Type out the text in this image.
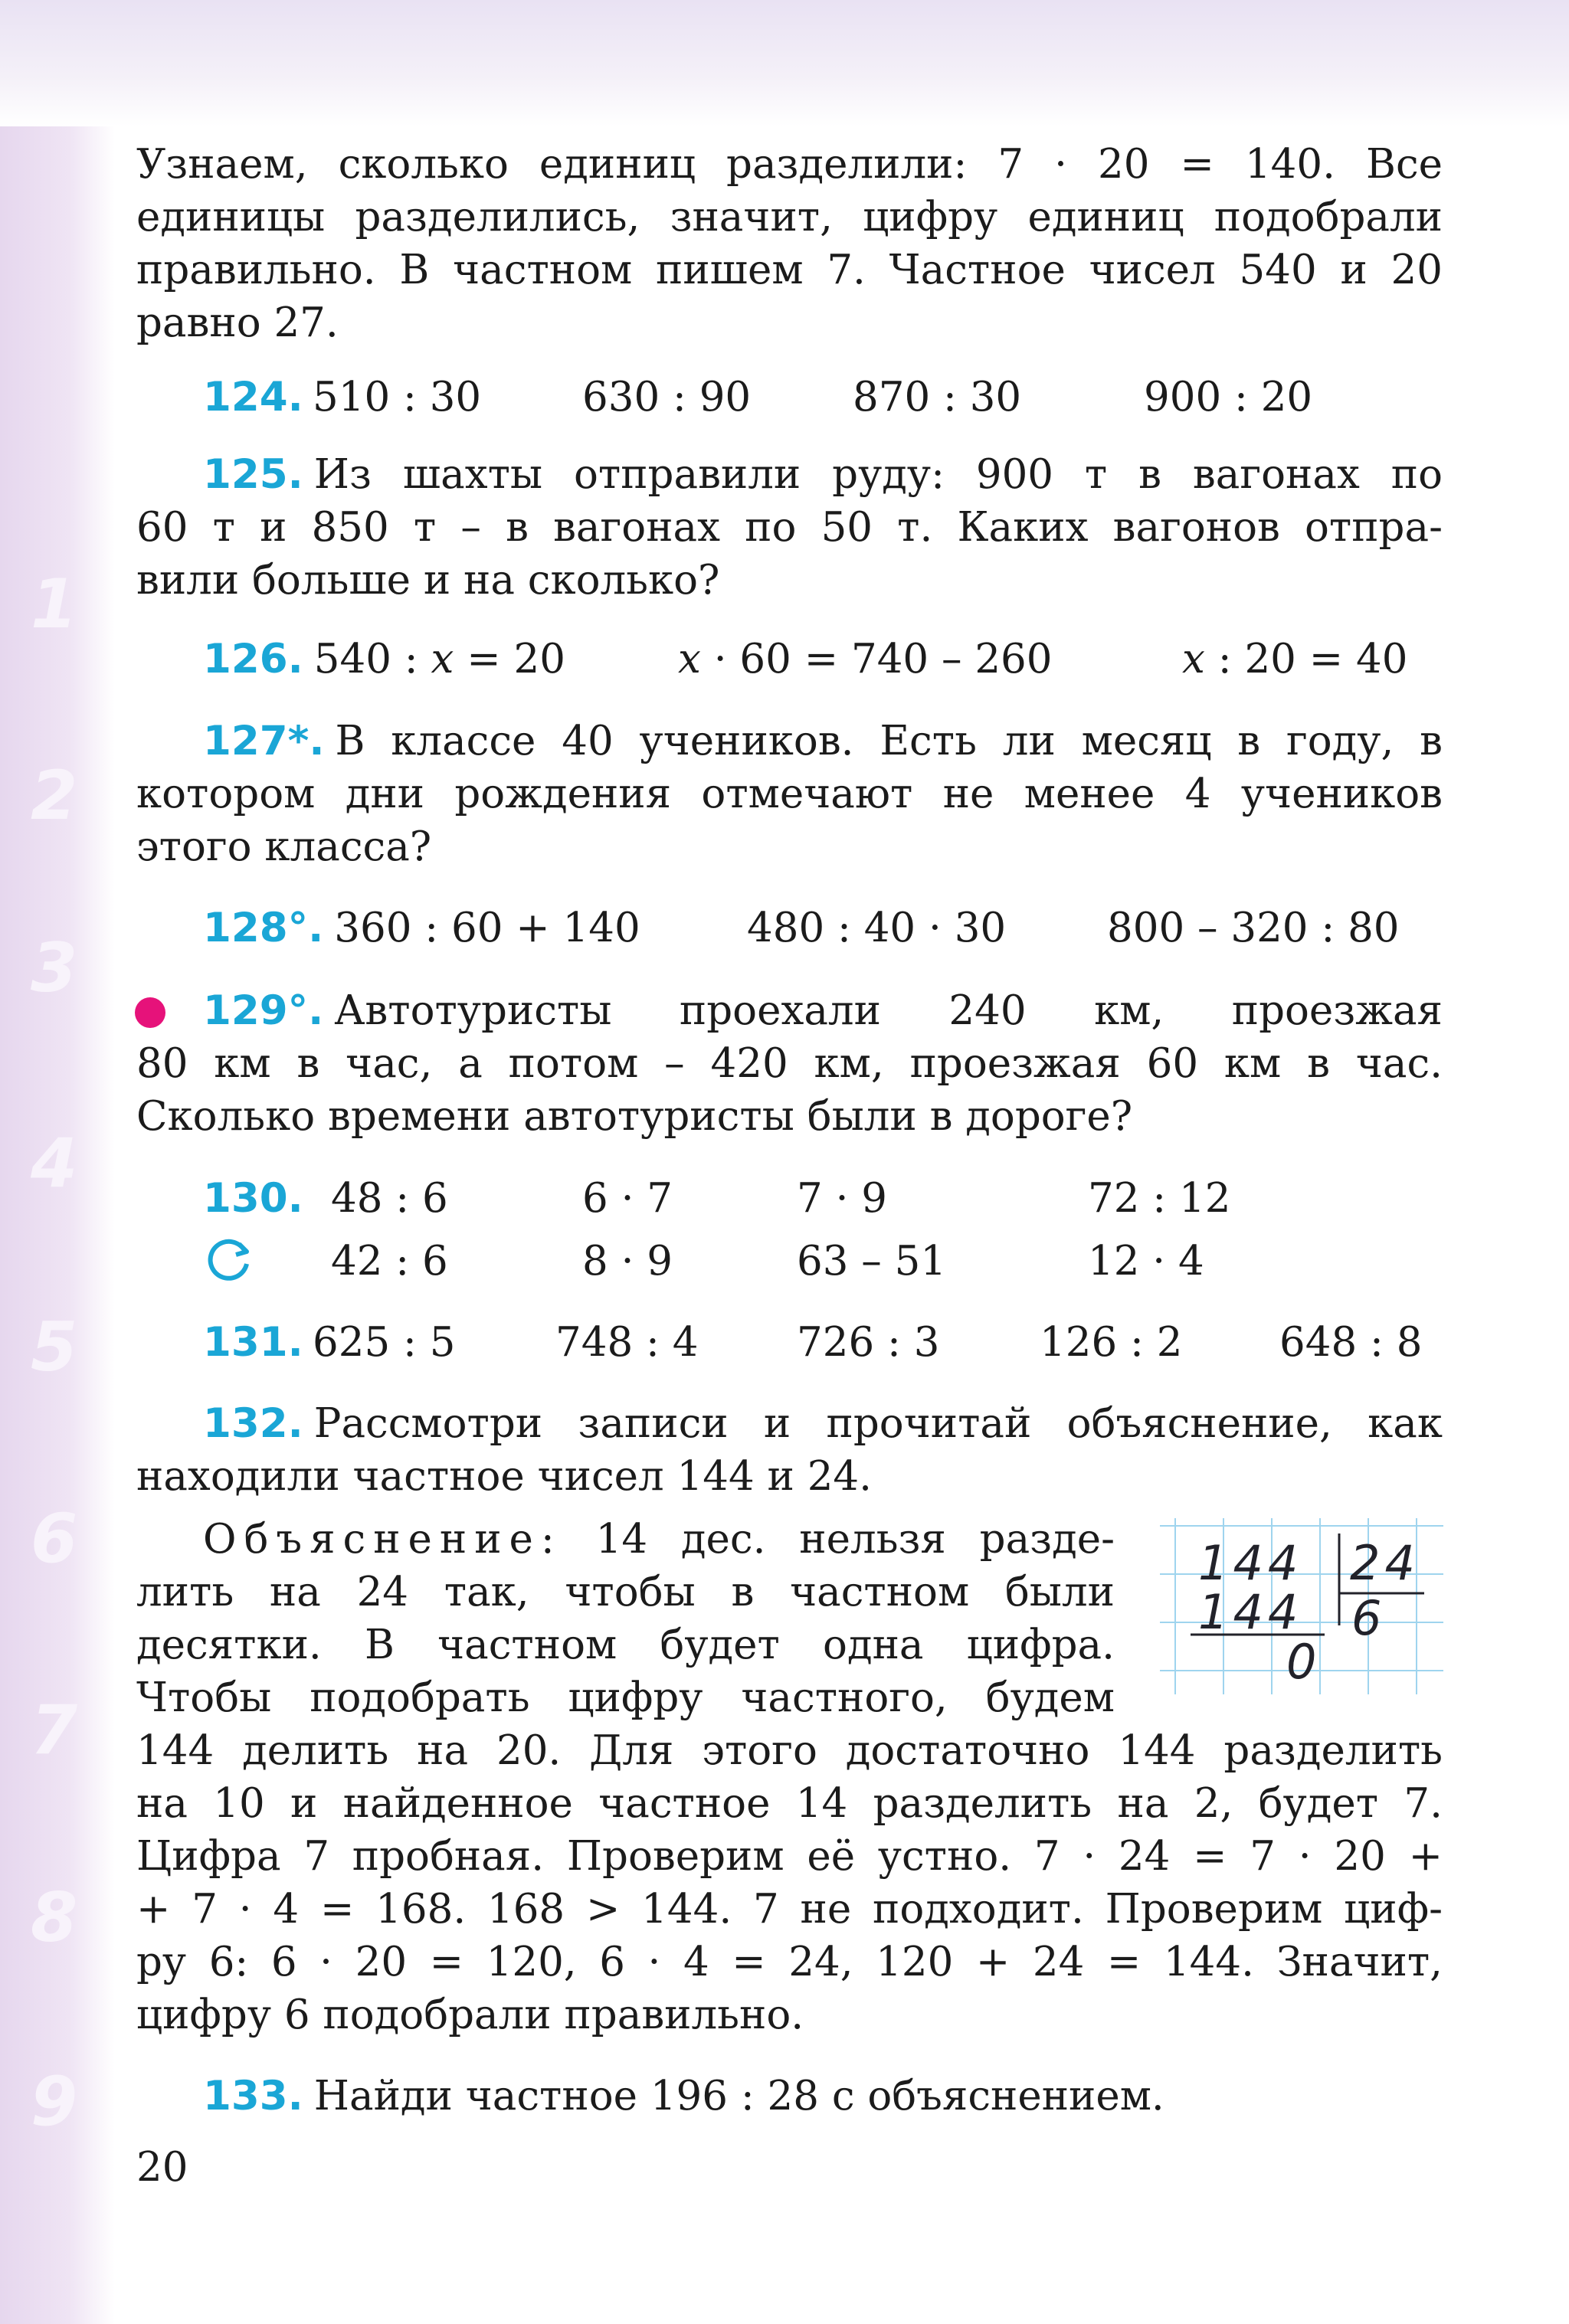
1
2
3
4
5
6
7
8
9

Узнаем, сколько единиц разделили: 7 · 20 = 140. Все

единицы разделились, значит, цифру единиц подобрали

правильно. В частном пишем 7. Частное чисел 540 и 20

равно 27.

124. 510 : 30 630 : 90	870 : 30	900 : 20

125. Из шахты отправили руду: 900 т в вагонах по

60 т и 850 т – в вагонах по 50 т. Каких вагонов отпра-

вили больше и на сколько?

126. 540 : x = 20	x · 60 = 740 – 260	x : 20 = 40

127*. В классе 40 учеников. Есть ли месяц в году, в

котором дни рождения отмечают не менее 4 учеников

этого класса?

128°. 360 : 60 + 140	480 : 40 · 30 800 – 320 : 80

129°. Автотуристы проехали 240 км, проезжая

80 км в час, а потом – 420 км, проезжая 60 км в час.

Сколько времени автотуристы были в дороге?

130. 48 : 6	6 · 7	7 · 9	72 : 12
42 : 6	8 · 9	63 – 51	12 · 4
131. 625 : 5 748 : 4 726 : 3 126 : 2 648 : 8

132. Рассмотри записи и прочитай объяснение, как

находили частное чисел 144 и 24.

Объяснение: 14 дес. нельзя разде-

лить на 24 так, чтобы в частном были

десятки. В частном будет одна цифра.

Чтобы подобрать цифру частного, будем

144 делить на 20. Для этого достаточно 144 разделить

на 10 и найденное частное 14 разделить на 2, будет 7.

Цифра 7 пробная. Проверим её устно. 7 · 24 = 7 · 20 +

+ 7 · 4 = 168. 168 > 144. 7 не подходит. Проверим циф-

ру 6: 6 · 20 = 120, 6 · 4 = 24, 120 + 24 = 144. Значит,

цифру 6 подобрали правильно.

144 24
144 6
0

133. Найди частное 196 : 28 с объяснением.

20
